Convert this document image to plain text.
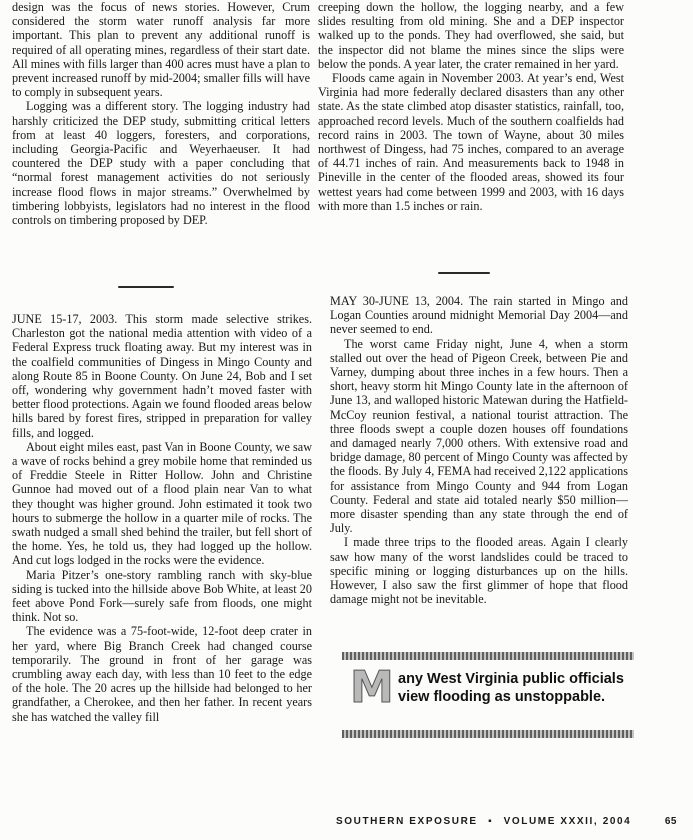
design was the focus of news stories. However, Crum considered the storm water runoff analysis far more important. This plan to prevent any additional runoff is required of all operating mines, regardless of their start date. All mines with fills larger than 400 acres must have a plan to prevent increased runoff by mid-2004; smaller fills will have to comply in subsequent years.

Logging was a different story. The logging industry had harshly criticized the DEP study, submitting critical letters from at least 40 loggers, foresters, and corporations, including Georgia-Pacific and Weyerhaeuser. It had countered the DEP study with a paper concluding that “normal forest management activities do not seriously increase flood flows in major streams.” Overwhelmed by timbering lobbyists, legislators had no interest in the flood controls on timbering proposed by DEP.

creeping down the hollow, the logging nearby, and a few slides resulting from old mining. She and a DEP inspector walked up to the ponds. They had overflowed, she said, but the inspector did not blame the mines since the slips were below the ponds. A year later, the crater remained in her yard.

Floods came again in November 2003. At year’s end, West Virginia had more federally declared disasters than any other state. As the state climbed atop disaster statistics, rainfall, too, approached record levels. Much of the southern coalfields had record rains in 2003. The town of Wayne, about 30 miles northwest of Dingess, had 75 inches, compared to an average of 44.71 inches of rain. And measurements back to 1948 in Pineville in the center of the flooded areas, showed its four wettest years had come between 1999 and 2003, with 16 days with more than 1.5 inches or rain.

JUNE 15-17, 2003. This storm made selective strikes. Charleston got the national media attention with video of a Federal Express truck floating away. But my interest was in the coalfield communities of Dingess in Mingo County and along Route 85 in Boone County. On June 24, Bob and I set off, wondering why government hadn’t moved faster with better flood protections. Again we found flooded areas below hills bared by forest fires, stripped in preparation for valley fills, and logged.

About eight miles east, past Van in Boone County, we saw a wave of rocks behind a grey mobile home that reminded us of Freddie Steele in Ritter Hollow. John and Christine Gunnoe had moved out of a flood plain near Van to what they thought was higher ground. John estimated it took two hours to submerge the hollow in a quarter mile of rocks. The swath nudged a small shed behind the trailer, but fell short of the home. Yes, he told us, they had logged up the hollow. And cut logs lodged in the rocks were the evidence.

Maria Pitzer’s one-story rambling ranch with sky-blue siding is tucked into the hillside above Bob White, at least 20 feet above Pond Fork—surely safe from floods, one might think. Not so.

The evidence was a 75-foot-wide, 12-foot deep crater in her yard, where Big Branch Creek had changed course temporarily. The ground in front of her garage was crumbling away each day, with less than 10 feet to the edge of the hole. The 20 acres up the hillside had belonged to her grandfather, a Cherokee, and then her father. In recent years she has watched the valley fill

MAY 30-JUNE 13, 2004. The rain started in Mingo and Logan Counties around midnight Memorial Day 2004—and never seemed to end.

The worst came Friday night, June 4, when a storm stalled out over the head of Pigeon Creek, between Pie and Varney, dumping about three inches in a few hours. Then a short, heavy storm hit Mingo County late in the afternoon of June 13, and walloped historic Matewan during the Hatfield-McCoy reunion festival, a national tourist attraction. The three floods swept a couple dozen houses off foundations and damaged nearly 7,000 others. With extensive road and bridge damage, 80 percent of Mingo County was affected by the floods. By July 4, FEMA had received 2,122 applications for assistance from Mingo County and 944 from Logan County. Federal and state aid totaled nearly $50 million—more disaster spending than any state through the end of July.

I made three trips to the flooded areas. Again I clearly saw how many of the worst landslides could be traced to specific mining or logging disturbances up on the hills. However, I also saw the first glimmer of hope that flood damage might not be inevitable.

M any West Virginia public officials view flooding as unstoppable.
SOUTHERN EXPOSURE ▪ VOLUME XXXII, 2004	65
